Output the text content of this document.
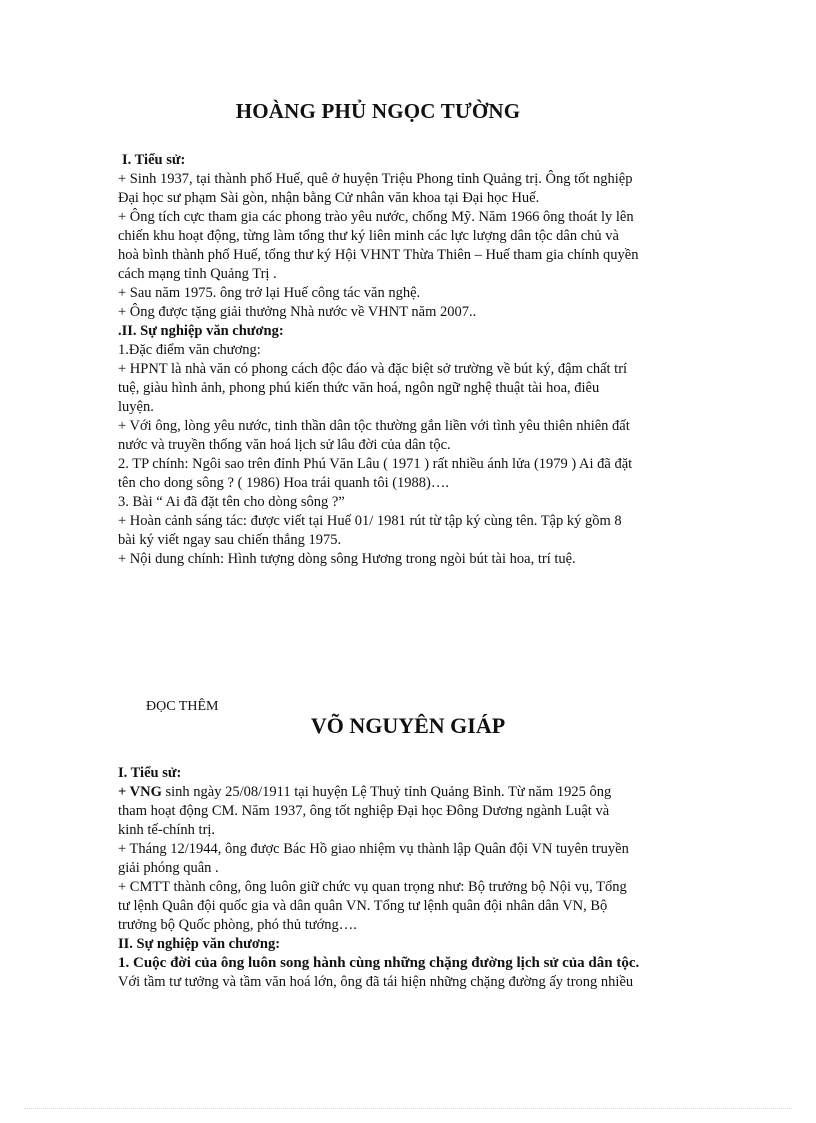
HOÀNG PHỦ NGỌC TƯỜNG
I. Tiểu sử:
+ Sinh 1937, tại thành phố Huế, quê ở huyện Triệu Phong tỉnh Quảng trị. Ông tốt nghiệp
Đại học sư phạm Sài gòn, nhận bằng Cử nhân văn khoa tại Đại học Huế.
+ Ông tích cực tham gia các phong trào yêu nước, chống Mỹ. Năm 1966 ông thoát ly lên
chiến khu hoạt động, từng làm tổng thư ký liên minh các lực lượng dân tộc dân chủ và
hoà bình thành phố Huế, tổng thư ký Hội VHNT Thừa Thiên – Huế tham gia chính quyền
cách mạng tỉnh Quảng Trị .
+ Sau năm 1975. ông trở lại Huế công tác văn nghệ.
+ Ông được tặng giải thưởng Nhà nước về VHNT năm 2007..
.II. Sự nghiệp văn chương:
1.Đặc điểm văn chương:
+ HPNT là nhà văn có phong cách độc đáo và đặc biệt sở trường về bút ký, đậm chất trí
tuệ, giàu hình ảnh, phong phú kiến thức văn hoá, ngôn ngữ nghệ thuật tài hoa, điêu
luyện.
+ Với ông, lòng yêu nước, tinh thần dân tộc thường gắn liền với tình yêu thiên nhiên đất
nước và truyền thống văn hoá lịch sử lâu đời của dân tộc.
2. TP chính: Ngôi sao trên đỉnh Phú Văn Lâu ( 1971 ) rất nhiều ánh lửa (1979 ) Ai đã đặt
tên cho dong sông ? ( 1986) Hoa trái quanh tôi (1988)….
3. Bài “ Ai đã đặt tên cho dòng sông ?”
+ Hoàn cảnh sáng tác: được viết tại Huế 01/ 1981 rút từ tập ký cùng tên. Tập ký gồm 8
bài ký viết ngay sau chiến thắng 1975.
+ Nội dung chính: Hình tượng dòng sông Hương trong ngòi bút tài hoa, trí tuệ.
ĐỌC THÊM
VÕ NGUYÊN GIÁP
I. Tiểu sử:
+ VNG sinh ngày 25/08/1911 tại huyện Lệ Thuỷ tỉnh Quảng Bình. Từ năm 1925 ông
tham hoạt động CM. Năm 1937, ông tốt nghiệp Đại học Đông Dương ngành Luật và
kinh tế-chính trị.
+ Tháng 12/1944, ông được Bác Hồ giao nhiệm vụ thành lập Quân đội VN tuyên truyền
giải phóng quân .
+ CMTT thành công, ông luôn giữ chức vụ quan trọng như: Bộ trưởng bộ Nội vụ, Tổng
tư lệnh Quân đội quốc gia và dân quân VN. Tổng tư lệnh quân đội nhân dân VN, Bộ
trưởng bộ Quốc phòng, phó thủ tướng….
II. Sự nghiệp văn chương:
1. Cuộc đời của ông luôn song hành cùng những chặng đường lịch sử của dân tộc.
Với tầm tư tưởng và tầm văn hoá lớn, ông đã tái hiện những chặng đường ấy trong nhiều
